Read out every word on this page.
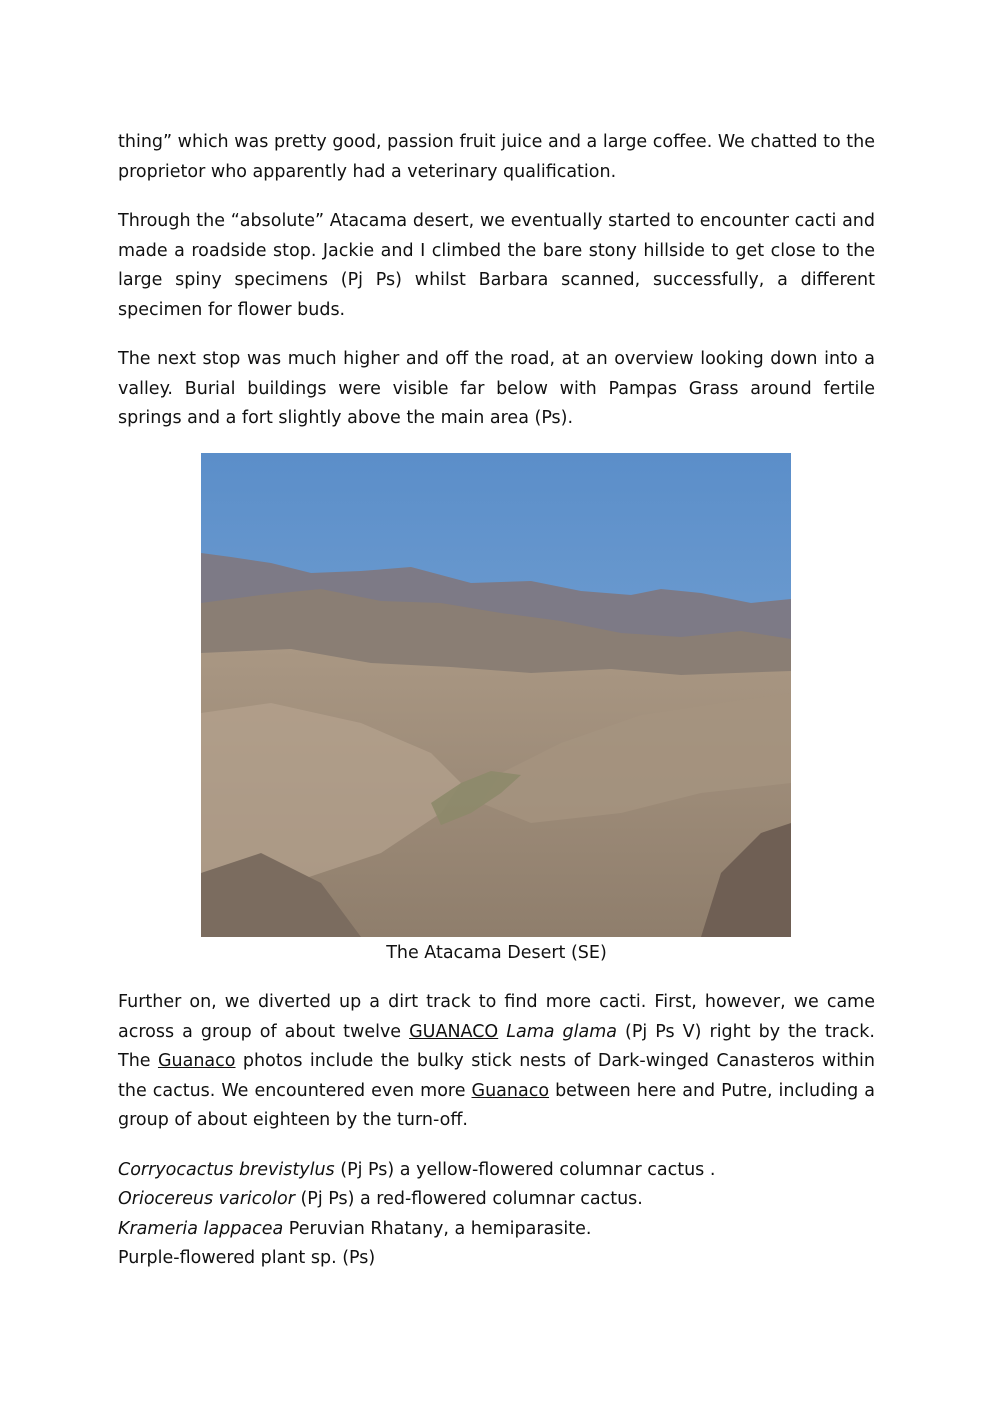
thing” which was pretty good, passion fruit juice and a large coffee. We chatted to the proprietor who apparently had a veterinary qualification.

Through the “absolute” Atacama desert, we eventually started to encounter cacti and made a roadside stop. Jackie and I climbed the bare stony hillside to get close to the large spiny specimens (Pj Ps) whilst Barbara scanned, successfully, a different specimen for flower buds.

The next stop was much higher and off the road, at an overview looking down into a valley. Burial buildings were visible far below with Pampas Grass around fertile springs and a fort slightly above the main area (Ps).

The Atacama Desert (SE)

Further on, we diverted up a dirt track to find more cacti. First, however, we came across a group of about twelve GUANACO Lama glama (Pj Ps V) right by the track. The Guanaco photos include the bulky stick nests of Dark-winged Canasteros within the cactus. We encountered even more Guanaco between here and Putre, including a group of about eighteen by the turn-off.

Corryocactus brevistylus (Pj Ps) a yellow-flowered columnar cactus .

Oriocereus varicolor (Pj Ps) a red-flowered columnar cactus.

Krameria lappacea Peruvian Rhatany, a hemiparasite.

Purple-flowered plant sp. (Ps)
